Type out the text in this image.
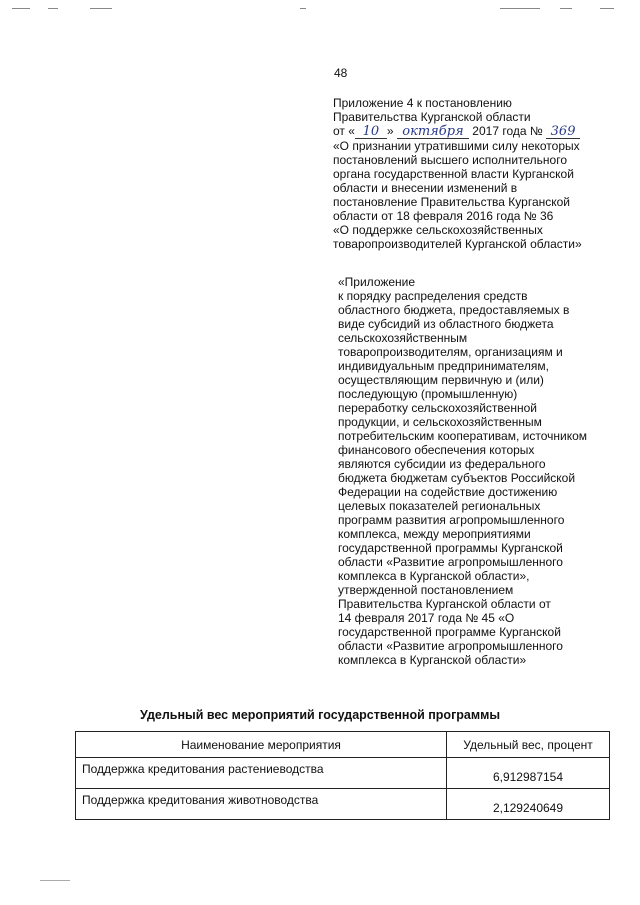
48
Приложение 4 к постановлению
Правительства Курганской области
от « 10 » октября 2017 года № 369
«О признании утратившими силу некоторых
постановлений высшего исполнительного
органа государственной власти Курганской
области и внесении изменений в
постановление Правительства Курганской
области от 18 февраля 2016 года № 36
«О поддержке сельскохозяйственных
товаропроизводителей Курганской области»
«Приложение
к порядку распределения средств
областного бюджета, предоставляемых в
виде субсидий из областного бюджета
сельскохозяйственным
товаропроизводителям, организациям и
индивидуальным предпринимателям,
осуществляющим первичную и (или)
последующую (промышленную)
переработку сельскохозяйственной
продукции, и сельскохозяйственным
потребительским кооперативам, источником
финансового обеспечения которых
являются субсидии из федерального
бюджета бюджетам субъектов Российской
Федерации на содействие достижению
целевых показателей региональных
программ развития агропромышленного
комплекса, между мероприятиями
государственной программы Курганской
области «Развитие агропромышленного
комплекса в Курганской области»,
утвержденной постановлением
Правительства Курганской области от
14 февраля 2017 года № 45 «О
государственной программе Курганской
области «Развитие агропромышленного
комплекса в Курганской области»
Удельный вес мероприятий государственной программы
Наименование мероприятия	Удельный вес, процент
Поддержка кредитования растениеводства	6,912987154
Поддержка кредитования животноводства	2,129240649
